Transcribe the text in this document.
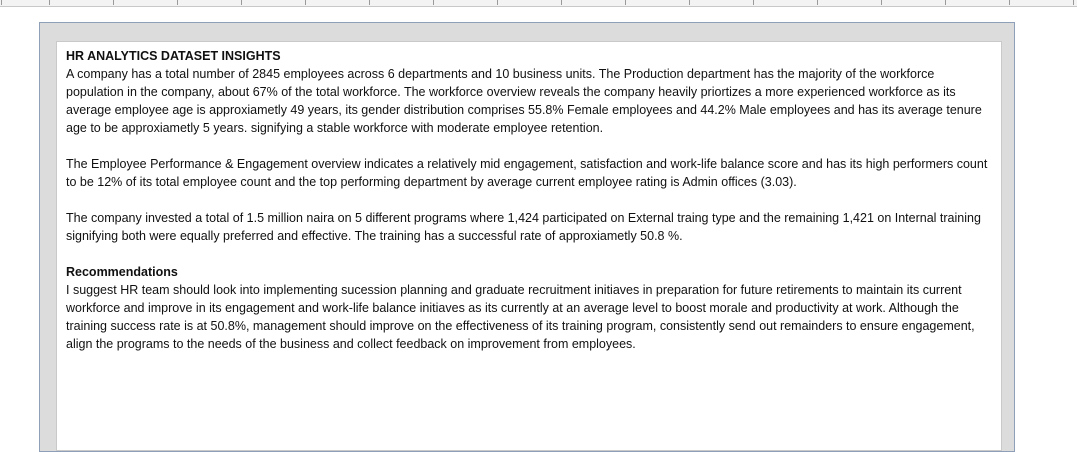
HR ANALYTICS DATASET INSIGHTS
A company has a total number of 2845 employees across 6 departments and 10 business units. The Production department has the majority of the workforce population in the company, about 67% of the total workforce. The workforce overview reveals the company heavily priortizes a more experienced workforce as its average employee age is approxiametly 49 years, its gender distribution comprises 55.8% Female employees and 44.2% Male employees and has its average tenure age to be approxiametly 5 years. signifying a stable workforce with moderate employee retention.

The Employee Performance & Engagement overview indicates a relatively mid engagement, satisfaction and work-life balance score and has its high performers count to be 12% of its total employee count and the top performing department by average current employee rating is Admin offices (3.03).

The company invested a total of 1.5 million naira on 5 different programs where 1,424 participated on External traing type and the remaining 1,421 on Internal training signifying both were equally preferred and effective. The training has a successful rate of approxiametly 50.8 %.

Recommendations
I suggest HR team should look into implementing sucession planning and graduate recruitment initiaves in preparation for future retirements to maintain its current workforce and improve in its engagement and work-life balance initiaves as its currently at an average level to boost morale and productivity at work. Although the training success rate is at 50.8%, management should improve on the effectiveness of its training program, consistently send out remainders to ensure engagement, align the programs to the needs of the business and collect feedback on improvement from employees.
